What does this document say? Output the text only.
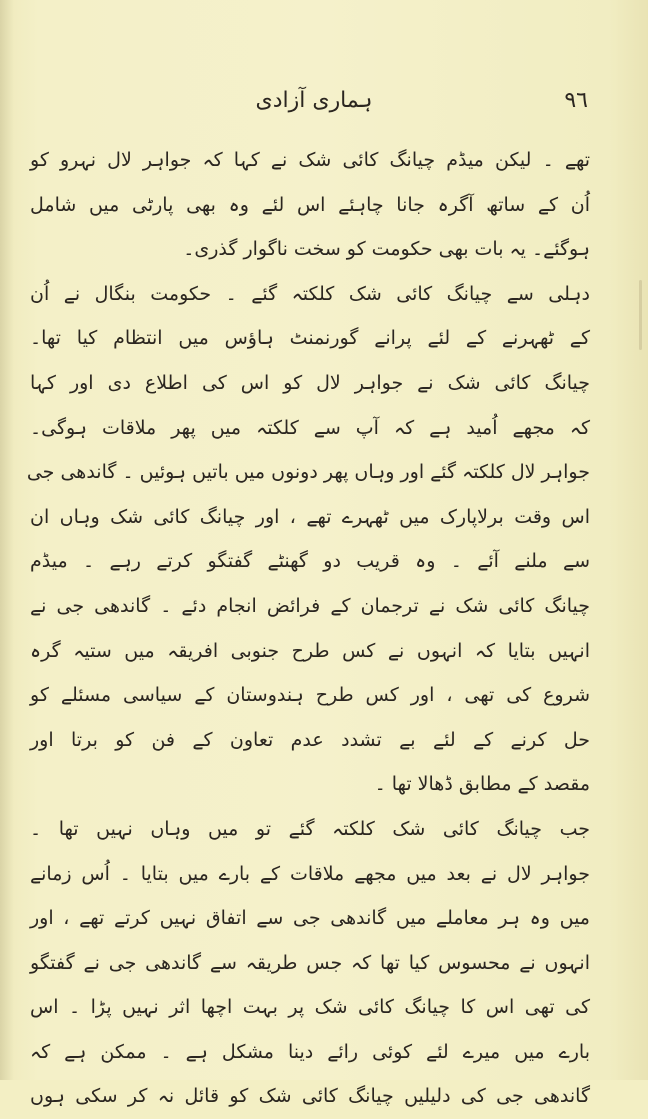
٩٦
ہماری آزادی
تھے ۔ لیکن میڈم چیانگ کائی شک نے کہا کہ جواہر لال نہرو کو
اُن کے ساتھ آگرہ جانا چاہئے اس لئے وہ بھی پارٹی میں شامل
ہوگئے۔ یہ بات بھی حکومت کو سخت ناگوار گذری۔
دہلی سے چیانگ کائی شک کلکتہ گئے ۔ حکومت بنگال نے اُن
کے ٹھہرنے کے لئے پرانے گورنمنٹ ہاؤس میں انتظام کیا تھا۔
چیانگ کائی شک نے جواہر لال کو اس کی اطلاع دی اور کہا
کہ مجھے اُمید ہے کہ آپ سے کلکتہ میں پھر ملاقات ہوگی۔
جواہر لال کلکتہ گئے اور وہاں پھر دونوں میں باتیں ہوئیں ۔ گاندھی جی
اس وقت برلاپارک میں ٹھہرے تھے ، اور چیانگ کائی شک وہاں ان
سے ملنے آئے ۔ وہ قریب دو گھنٹے گفتگو کرتے رہے ۔ میڈم
چیانگ کائی شک نے ترجمان کے فرائض انجام دئے ۔ گاندھی جی نے
انہیں بتایا کہ انہوں نے کس طرح جنوبی افریقہ میں ستیہ گرہ
شروع کی تھی ، اور کس طرح ہندوستان کے سیاسی مسئلے کو
حل کرنے کے لئے بے تشدد عدم تعاون کے فن کو برتا اور
مقصد کے مطابق ڈھالا تھا ۔
جب چیانگ کائی شک کلکتہ گئے تو میں وہاں نہیں تھا ۔
جواہر لال نے بعد میں مجھے ملاقات کے بارے میں بتایا ۔ اُس زمانے
میں وہ ہر معاملے میں گاندھی جی سے اتفاق نہیں کرتے تھے ، اور
انہوں نے محسوس کیا تھا کہ جس طریقہ سے گاندھی جی نے گفتگو
کی تھی اس کا چیانگ کائی شک پر بہت اچھا اثر نہیں پڑا ۔ اس
بارے میں میرے لئے کوئی رائے دینا مشکل ہے ۔ ممکن ہے کہ
گاندھی جی کی دلیلیں چیانگ کائی شک کو قائل نہ کر سکی ہوں
